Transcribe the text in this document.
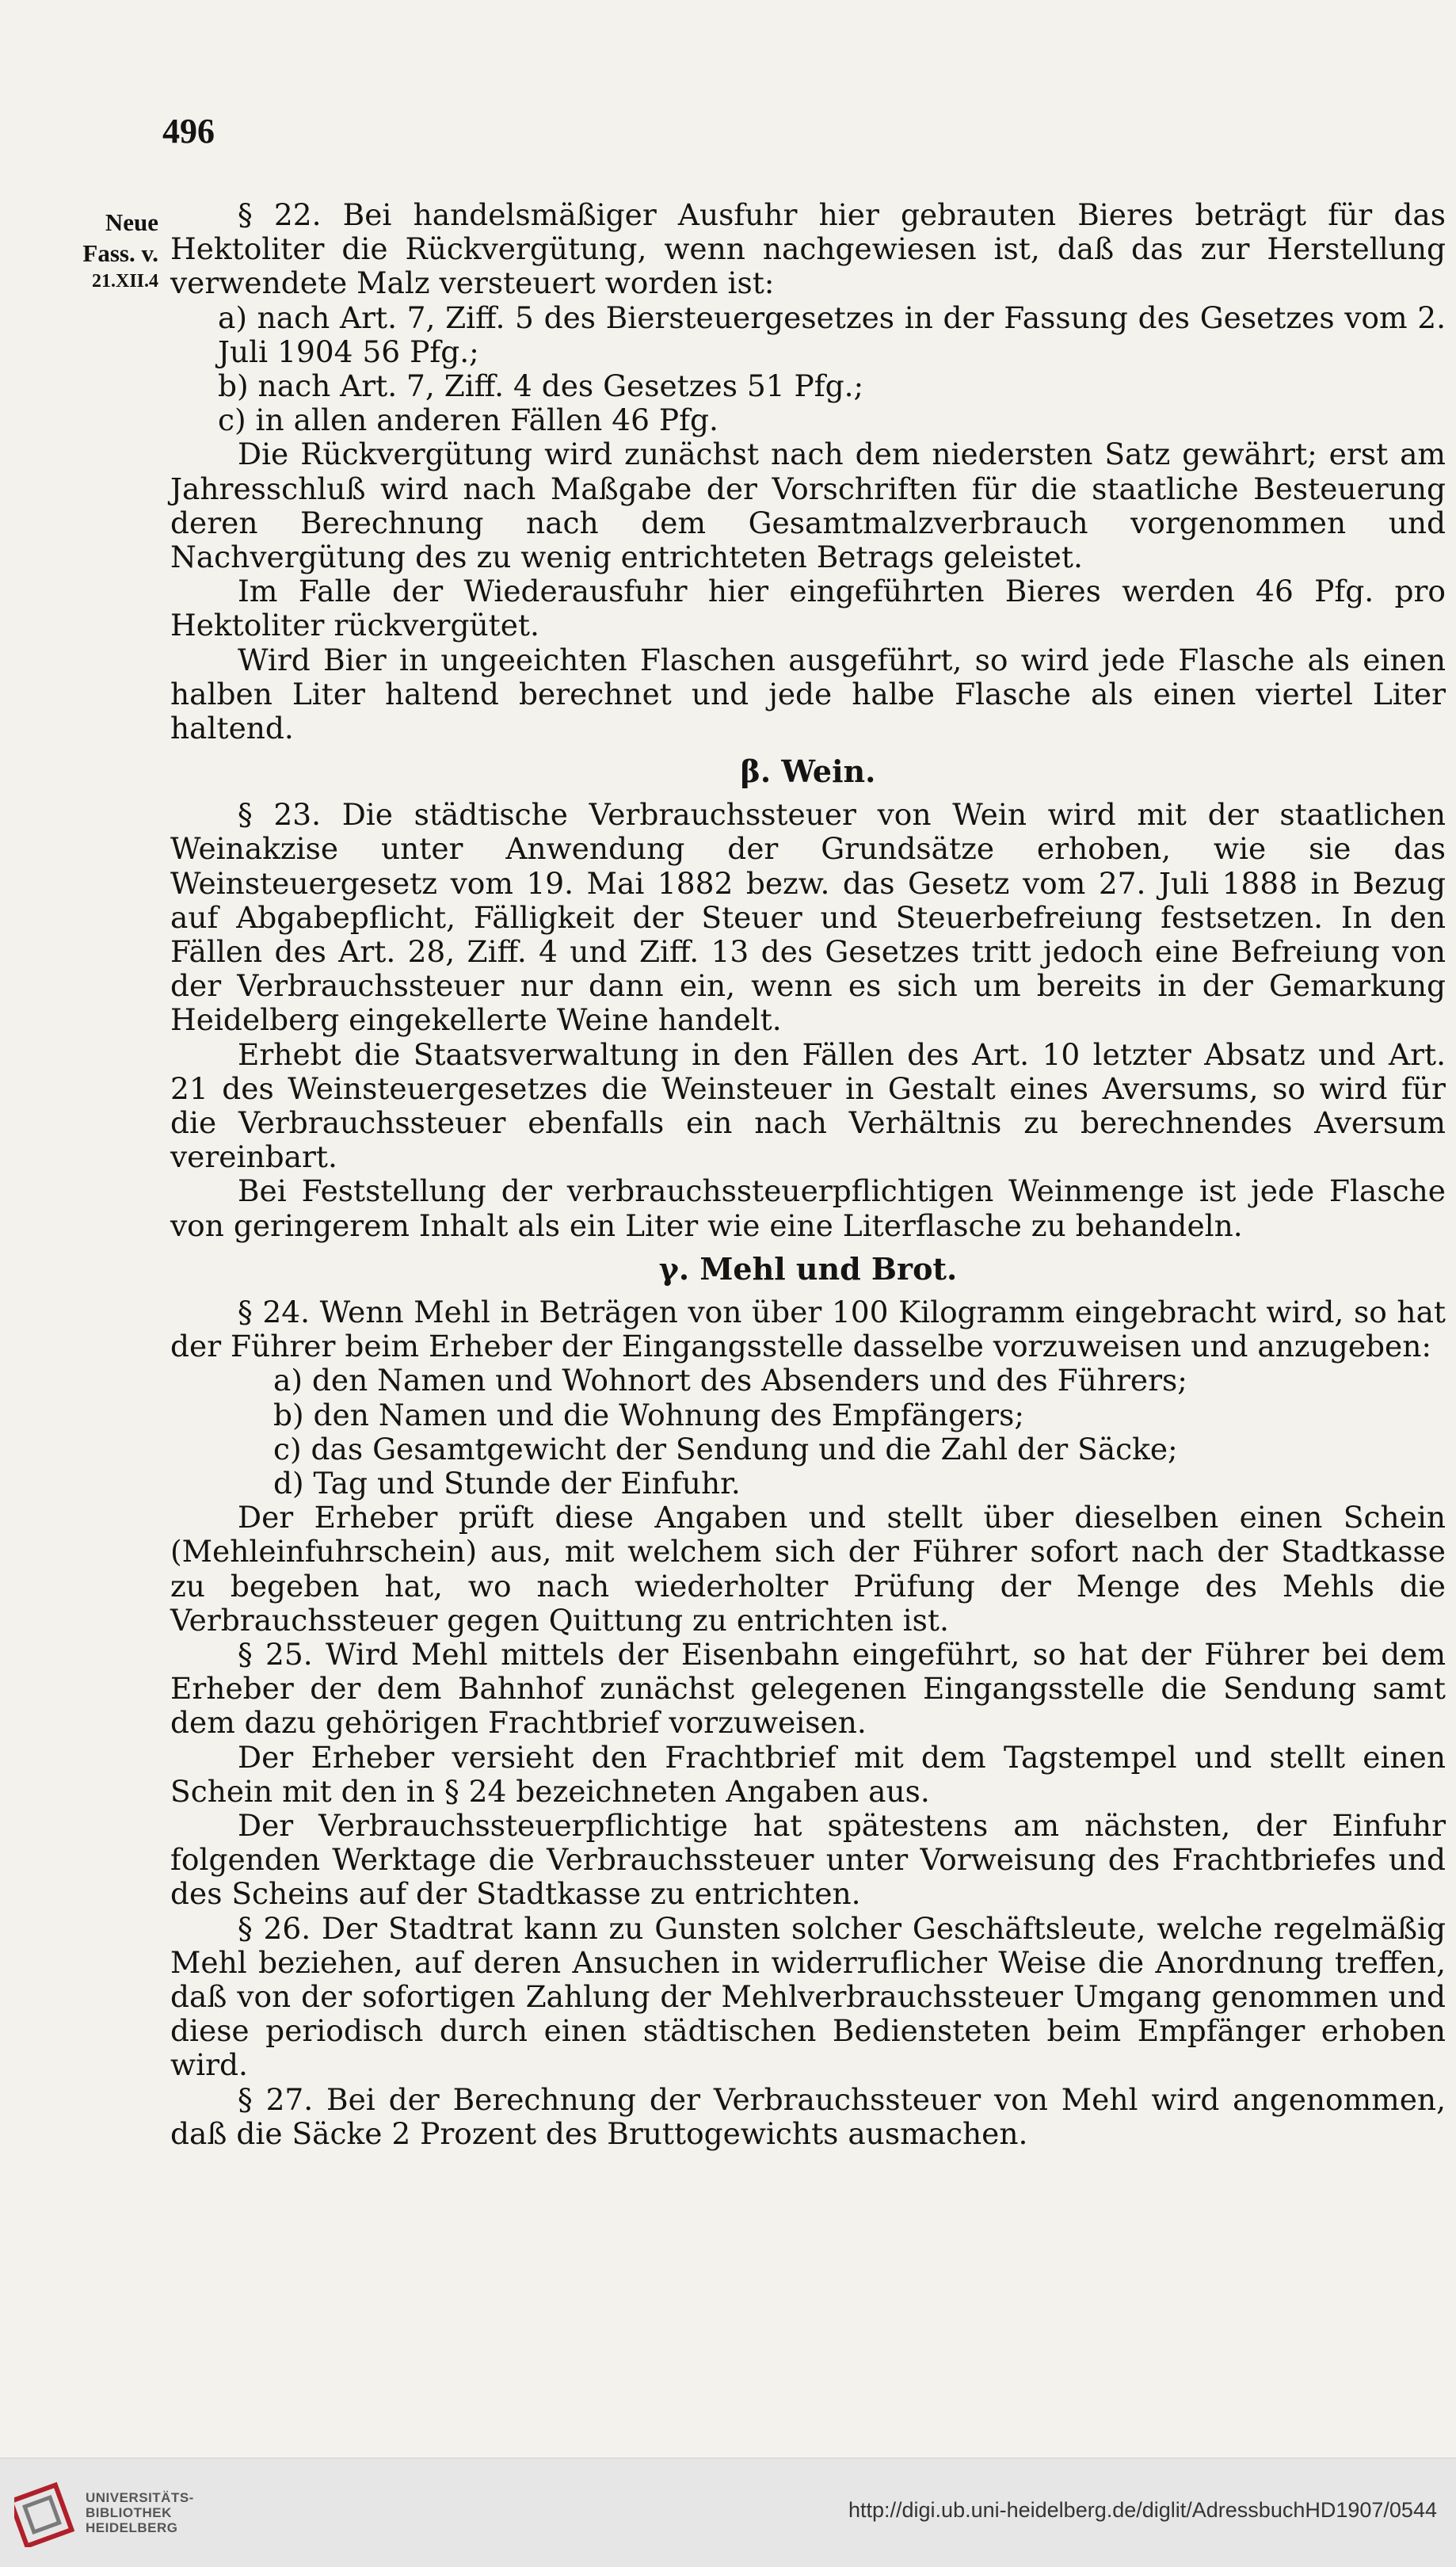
496
Neue
Fass. v.
21.XII.4

§ 22. Bei handelsmäßiger Ausfuhr hier gebrauten Bieres beträgt für das Hektoliter die Rückvergütung, wenn nachgewiesen ist, daß das zur Herstellung verwendete Malz versteuert worden ist:

a) nach Art. 7, Ziff. 5 des Biersteuergesetzes in der Fassung des Gesetzes vom 2. Juli 1904 56 Pfg.;

b) nach Art. 7, Ziff. 4 des Gesetzes 51 Pfg.;

c) in allen anderen Fällen 46 Pfg.

Die Rückvergütung wird zunächst nach dem niedersten Satz gewährt; erst am Jahresschluß wird nach Maßgabe der Vorschriften für die staatliche Besteuerung deren Berechnung nach dem Gesamtmalzverbrauch vorgenommen und Nachvergütung des zu wenig entrichteten Betrags geleistet.

Im Falle der Wiederausfuhr hier eingeführten Bieres werden 46 Pfg. pro Hektoliter rückvergütet.

Wird Bier in ungeeichten Flaschen ausgeführt, so wird jede Flasche als einen halben Liter haltend berechnet und jede halbe Flasche als einen viertel Liter haltend.

β. Wein.

§ 23. Die städtische Verbrauchssteuer von Wein wird mit der staatlichen Weinakzise unter Anwendung der Grundsätze erhoben, wie sie das Weinsteuergesetz vom 19. Mai 1882 bezw. das Gesetz vom 27. Juli 1888 in Bezug auf Abgabepflicht, Fälligkeit der Steuer und Steuerbefreiung festsetzen. In den Fällen des Art. 28, Ziff. 4 und Ziff. 13 des Gesetzes tritt jedoch eine Befreiung von der Verbrauchssteuer nur dann ein, wenn es sich um bereits in der Gemarkung Heidelberg eingekellerte Weine handelt.

Erhebt die Staatsverwaltung in den Fällen des Art. 10 letzter Absatz und Art. 21 des Weinsteuergesetzes die Weinsteuer in Gestalt eines Aversums, so wird für die Verbrauchssteuer ebenfalls ein nach Verhältnis zu berechnendes Aversum vereinbart.

Bei Feststellung der verbrauchssteuerpflichtigen Weinmenge ist jede Flasche von geringerem Inhalt als ein Liter wie eine Literflasche zu behandeln.

γ. Mehl und Brot.

§ 24. Wenn Mehl in Beträgen von über 100 Kilogramm eingebracht wird, so hat der Führer beim Erheber der Eingangsstelle dasselbe vorzuweisen und anzugeben:

a) den Namen und Wohnort des Absenders und des Führers;

b) den Namen und die Wohnung des Empfängers;

c) das Gesamtgewicht der Sendung und die Zahl der Säcke;

d) Tag und Stunde der Einfuhr.

Der Erheber prüft diese Angaben und stellt über dieselben einen Schein (Mehleinfuhrschein) aus, mit welchem sich der Führer sofort nach der Stadtkasse zu begeben hat, wo nach wiederholter Prüfung der Menge des Mehls die Verbrauchssteuer gegen Quittung zu entrichten ist.

§ 25. Wird Mehl mittels der Eisenbahn eingeführt, so hat der Führer bei dem Erheber der dem Bahnhof zunächst gelegenen Eingangsstelle die Sendung samt dem dazu gehörigen Frachtbrief vorzuweisen.

Der Erheber versieht den Frachtbrief mit dem Tagstempel und stellt einen Schein mit den in § 24 bezeichneten Angaben aus.

Der Verbrauchssteuerpflichtige hat spätestens am nächsten, der Einfuhr folgenden Werktage die Verbrauchssteuer unter Vorweisung des Frachtbriefes und des Scheins auf der Stadtkasse zu entrichten.

§ 26. Der Stadtrat kann zu Gunsten solcher Geschäftsleute, welche regelmäßig Mehl beziehen, auf deren Ansuchen in widerruflicher Weise die Anordnung treffen, daß von der sofortigen Zahlung der Mehlverbrauchssteuer Umgang genommen und diese periodisch durch einen städtischen Bediensteten beim Empfänger erhoben wird.

§ 27. Bei der Berechnung der Verbrauchssteuer von Mehl wird angenommen, daß die Säcke 2 Prozent des Bruttogewichts ausmachen.

UNIVERSITÄTS-
BIBLIOTHEK
HEIDELBERG
http://digi.ub.uni-heidelberg.de/diglit/AdressbuchHD1907/0544
